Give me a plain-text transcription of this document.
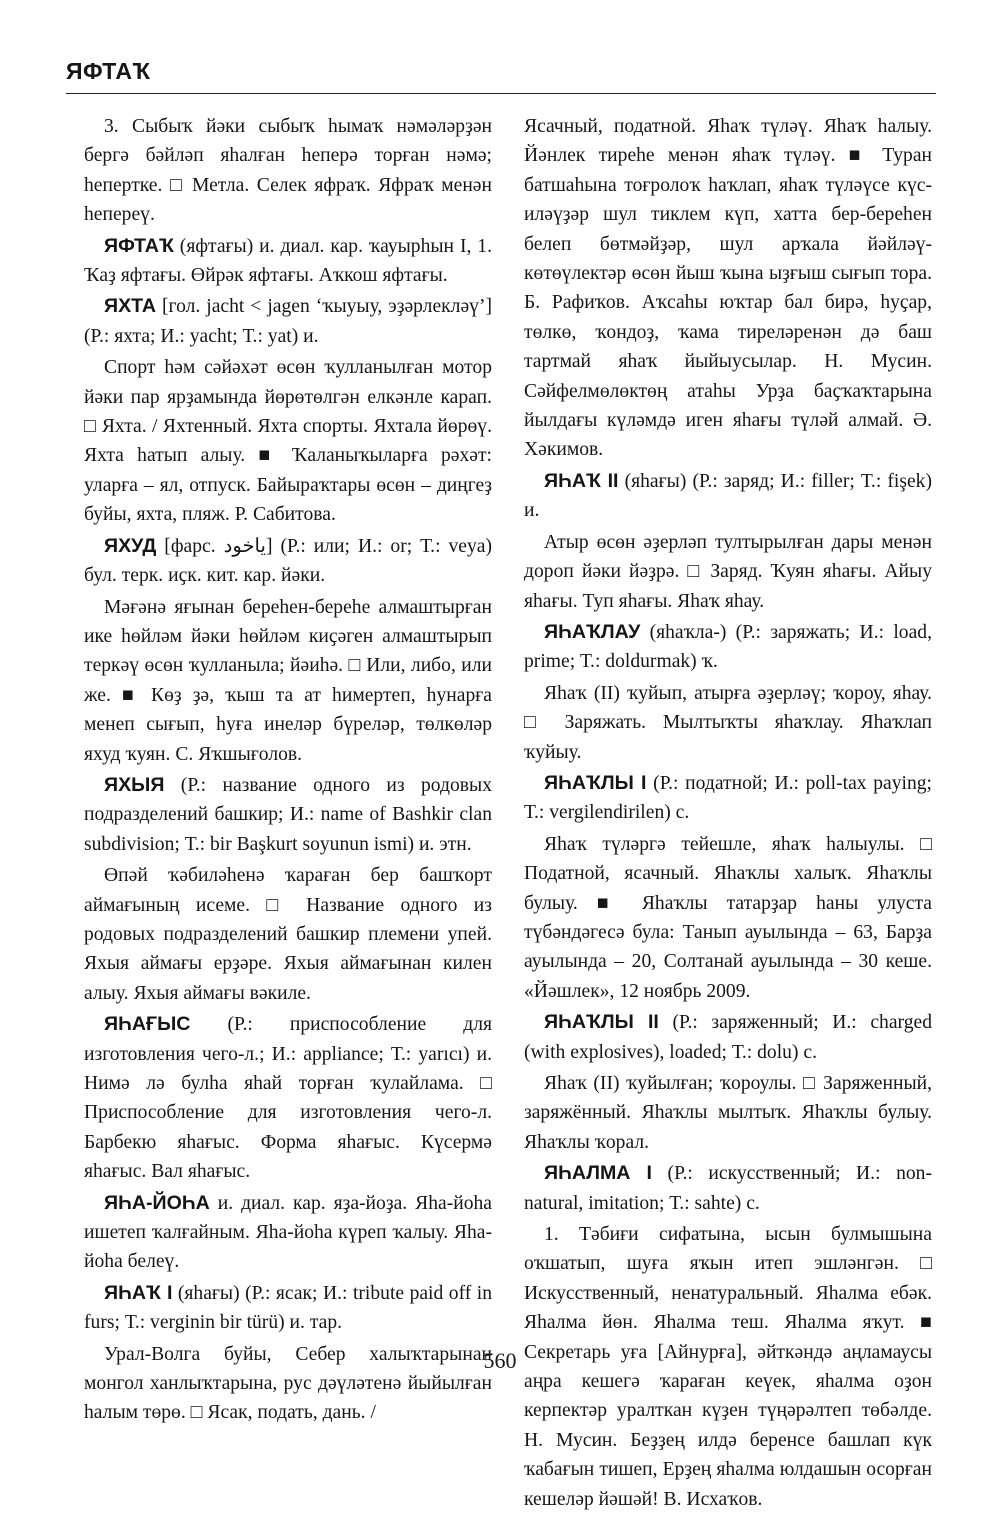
ЯФТАҠ

3. Сыбыҡ йәки сыбыҡ һымаҡ нәмәләрҙән бергә бәйләп яһалған һеперә торған нәмә; һепертке. □ Метла. Селек яфраҡ. Яфраҡ менән һепереү.

ЯФТАҠ (яфтағы) и. диал. кар. ҡауырһын I, 1. Ҡаҙ яфтағы. Өйрәк яфтағы. Аҡкош яфтағы.

ЯХТА [гол. jacht < jagen ‘ҡыуыу, эҙәрлекләү’] (Р.: яхта; И.: yacht; Т.: yat) и.

Спорт һәм сәйәхәт өсөн ҡулланылған мотор йәки пар ярҙамында йөрөтөлгән елкәнле карап. □ Яхта. / Яхтенный. Яхта спорты. Яхтала йөрөү. Яхта һатып алыу. ■ Ҡаланыҡыларға рәхәт: уларға – ял, отпуск. Байыраҡтары өсөн – диңгеҙ буйы, яхта, пляж. Р. Сабитова.

ЯХУД [фарс. یاخود] (Р.: или; И.: or; Т.: veya) бул. терк. иҫк. кит. кар. йәки.

Мәғәнә яғынан береһен-береһе алмаштырған ике һөйләм йәки һөйләм киҫәген алмаштырып теркәү өсөн ҡулланыла; йәиһә. □ Или, либо, или же. ■ Көҙ ҙә, ҡыш та ат һимертеп, һунарға менеп сығып, һуға инеләр бүреләр, төлкөләр яхуд ҡуян. С. Яҡшығолов.

ЯХЫЯ (Р.: название одного из родовых подразделений башкир; И.: name of Bashkir clan subdivision; Т.: bir Başkurt soyunun ismi) и. этн.

Өпәй ҡәбиләһенә ҡараған бер башҡорт аймағының исеме. □ Название одного из родовых подразделений башкир племени упей. Яхыя аймағы ерҙәре. Яхыя аймағынан килен алыу. Яхыя аймағы вәкиле.

ЯҺАҒЫС (Р.: приспособление для изготовления чего-л.; И.: appliance; Т.: yarıcı) и. Нимә лә булһа яһай торған ҡулайлама. □ Приспособление для изготовления чего-л. Барбекю яһағыс. Форма яһағыс. Күсермә яһағыс. Вал яһағыс.

ЯҺА-ЙОҺА и. диал. кар. яҙа-йоҙа. Яһа-йоһа ишетеп ҡалғайным. Яһа-йоһа күреп ҡалыу. Яһа-йоһа белеү.

ЯҺАҠ I (яһағы) (Р.: ясак; И.: tribute paid off in furs; Т.: verginin bir türü) и. тар.

Урал-Волга буйы, Себер халыҡтарынан монгол ханлыҡтарына, рус дәүләтенә йыйылған һалым төрө. □ Ясак, подать, дань. /

Ясачный, податной. Яһаҡ түләү. Яһаҡ һалыу. Йәнлек тиреһе менән яһаҡ түләү. ■ Туран батшаһына тоғролоҡ һаҡлап, яһаҡ түләүсе күс-иләүҙәр шул тиклем күп, хатта бер-береһен белеп бөтмәйҙәр, шул арҡала йәйләү-көтөүлектәр өсөн йыш ҡына ыҙғыш сығып тора. Б. Рафиҡов. Аҡсаһы юҡтар бал бирә, һуҫар, төлкө, ҡондоҙ, ҡама тиреләренән дә баш тартмай яһаҡ йыйыусылар. Н. Мусин. Сәйфелмөлөктөң атаһы Урҙа баҫҡаҡтарына йылдағы күләмдә иген яһағы түләй алмай. Ә. Хәкимов.

ЯҺАҠ II (яһағы) (Р.: заряд; И.: filler; Т.: fişek) и.

Атыр өсөн әҙерләп тултырылған дары менән дороп йәки йәҙрә. □ Заряд. Ҡуян яһағы. Айыу яһағы. Туп яһағы. Яһаҡ яһау.

ЯҺАҠЛАУ (яһаҡла-) (Р.: заряжать; И.: load, prime; Т.: doldurmak) ҡ.

Яһаҡ (II) ҡуйып, атырға әҙерләү; ҡороу, яһау. □ Заряжать. Мылтыҡты яһаҡлау. Яһаҡлап ҡуйыу.

ЯҺАҠЛЫ I (Р.: податной; И.: poll-tax paying; Т.: vergilendirilen) с.

Яһаҡ түләргә тейешле, яһаҡ һалыулы. □ Податной, ясачный. Яһаҡлы халыҡ. Яһаҡлы булыу. ■ Яһаҡлы татарҙар һаны улуста түбәндәгесә була: Танып ауылында – 63, Барҙа ауылында – 20, Солтанай ауылында – 30 кеше. «Йәшлек», 12 ноябрь 2009.

ЯҺАҠЛЫ II (Р.: заряженный; И.: charged (with explosives), loaded; Т.: dolu) с.

Яһаҡ (II) ҡуйылған; ҡороулы. □ Заряженный, заряжённый. Яһаҡлы мылтыҡ. Яһаҡлы булыу. Яһаҡлы ҡорал.

ЯҺАЛМА I (Р.: искусственный; И.: non-natural, imitation; Т.: sahte) с.

1. Тәбиғи сифатына, ысын булмышына оҡшатып, шуға яҡын итеп эшләнгән. □ Искусственный, ненатуральный. Яһалма ебәк. Яһалма йөн. Яһалма теш. Яһалма яҡут. ■ Секретарь уға [Айнурға], әйткәндә аңламаусы аңра кешегә ҡараған кеүек, яһалма оҙон керпектәр уралткан күҙен түңәрәлтеп төбәлде. Н. Мусин. Беҙҙең илдә беренсе башлап күк ҡабағын тишеп, Ерҙең яһалма юлдашын осорған кешеләр йәшәй! В. Исхаҡов.

560
